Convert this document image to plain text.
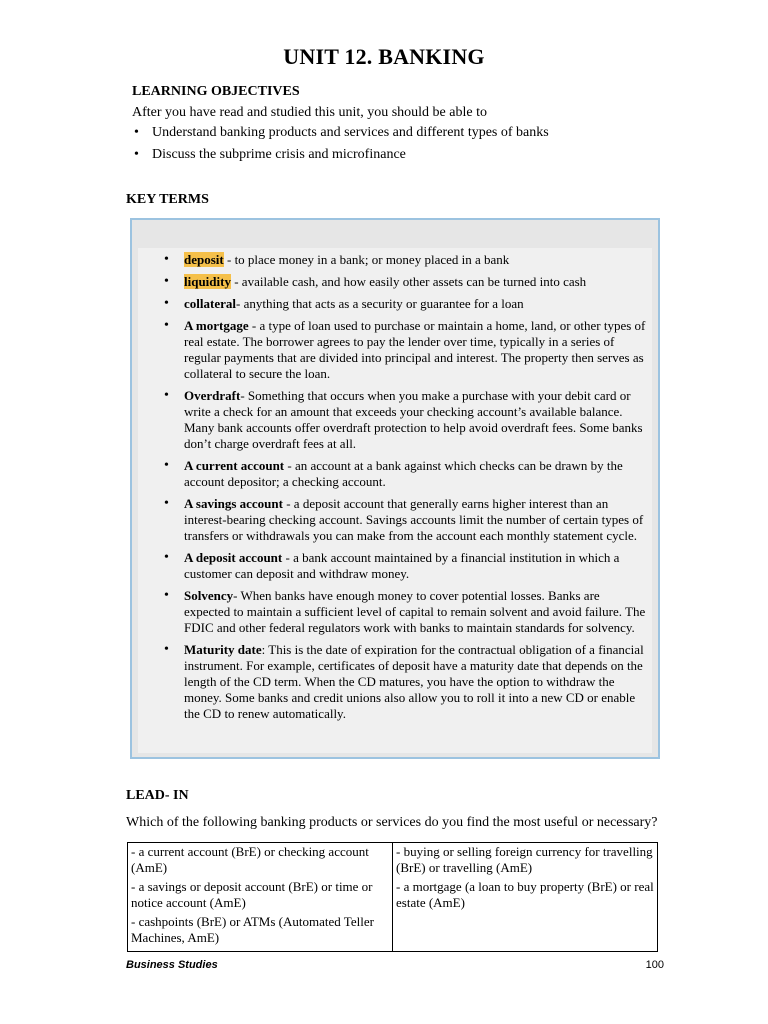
UNIT 12. BANKING
LEARNING OBJECTIVES
After you have read and studied this unit, you should be able to
• Understand banking products and services and different types of banks
• Discuss the subprime crisis and microfinance
KEY TERMS
• deposit - to place money in a bank; or money placed in a bank
• liquidity - available cash, and how easily other assets can be turned into cash
• collateral- anything that acts as a security or guarantee for a loan
• A mortgage - a type of loan used to purchase or maintain a home, land, or other types of real estate. The borrower agrees to pay the lender over time, typically in a series of regular payments that are divided into principal and interest. The property then serves as collateral to secure the loan.
• Overdraft- Something that occurs when you make a purchase with your debit card or write a check for an amount that exceeds your checking account’s available balance. Many bank accounts offer overdraft protection to help avoid overdraft fees. Some banks don’t charge overdraft fees at all.
• A current account - an account at a bank against which checks can be drawn by the account depositor; a checking account.
• A savings account - a deposit account that generally earns higher interest than an interest-bearing checking account. Savings accounts limit the number of certain types of transfers or withdrawals you can make from the account each monthly statement cycle.
• A deposit account - a bank account maintained by a financial institution in which a customer can deposit and withdraw money.
• Solvency- When banks have enough money to cover potential losses. Banks are expected to maintain a sufficient level of capital to remain solvent and avoid failure. The FDIC and other federal regulators work with banks to maintain standards for solvency.
• Maturity date: This is the date of expiration for the contractual obligation of a financial instrument. For example, certificates of deposit have a maturity date that depends on the length of the CD term. When the CD matures, you have the option to withdraw the money. Some banks and credit unions also allow you to roll it into a new CD or enable the CD to renew automatically.
LEAD- IN
Which of the following banking products or services do you find the most useful or necessary?
- a current account (BrE) or checking account (AmE)
- a savings or deposit account (BrE) or time or notice account (AmE)
- cashpoints (BrE) or ATMs (Automated Teller Machines, AmE)

- buying or selling foreign currency for travelling (BrE) or travelling (AmE)
- a mortgage (a loan to buy property (BrE) or real estate (AmE)
Business Studies	100
